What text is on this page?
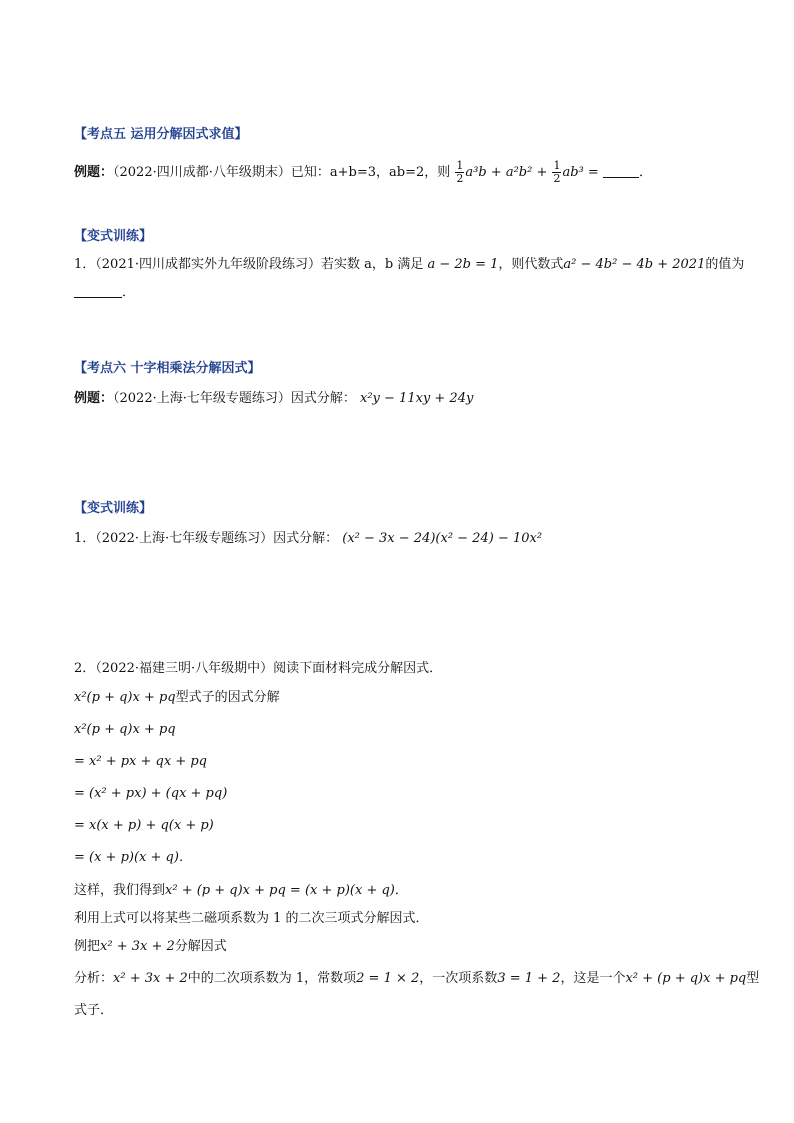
【考点五 运用分解因式求值】
例题：（2022·四川成都·八年级期末）已知：a+b=3，ab=2，则 $\frac{1}{2} a^3b + a^2b^2 + \frac{1}{2} ab^3$ =	．
【变式训练】
1．（2021·四川成都实外九年级阶段练习）若实数 a，b 满足 a − 2b = 1，则代数式a² − 4b² − 4b + 2021的值为
．
【考点六 十字相乘法分解因式】
例题：（2022·上海·七年级专题练习）因式分解： x²y − 11xy + 24y
【变式训练】
1．（2022·上海·七年级专题练习）因式分解： (x² − 3x − 24)(x² − 24) − 10x²
2．（2022·福建三明·八年级期中）阅读下面材料完成分解因式．
x²(p + q)x + pq型式子的因式分解
x²(p + q)x + pq
= x² + px + qx + pq
= (x² + px) + (qx + pq)
= x(x + p) + q(x + p)
= (x + p)(x + q)．
这样，我们得到x² + (p + q)x + pq = (x + p)(x + q)．
利用上式可以将某些二磁项系数为 1 的二次三项式分解因式．
例把x² + 3x + 2分解因式
分析：x² + 3x + 2中的二次项系数为 1，常数项2 = 1 × 2，一次项系数3 = 1 + 2，这是一个x² + (p + q)x + pq型
式子．
